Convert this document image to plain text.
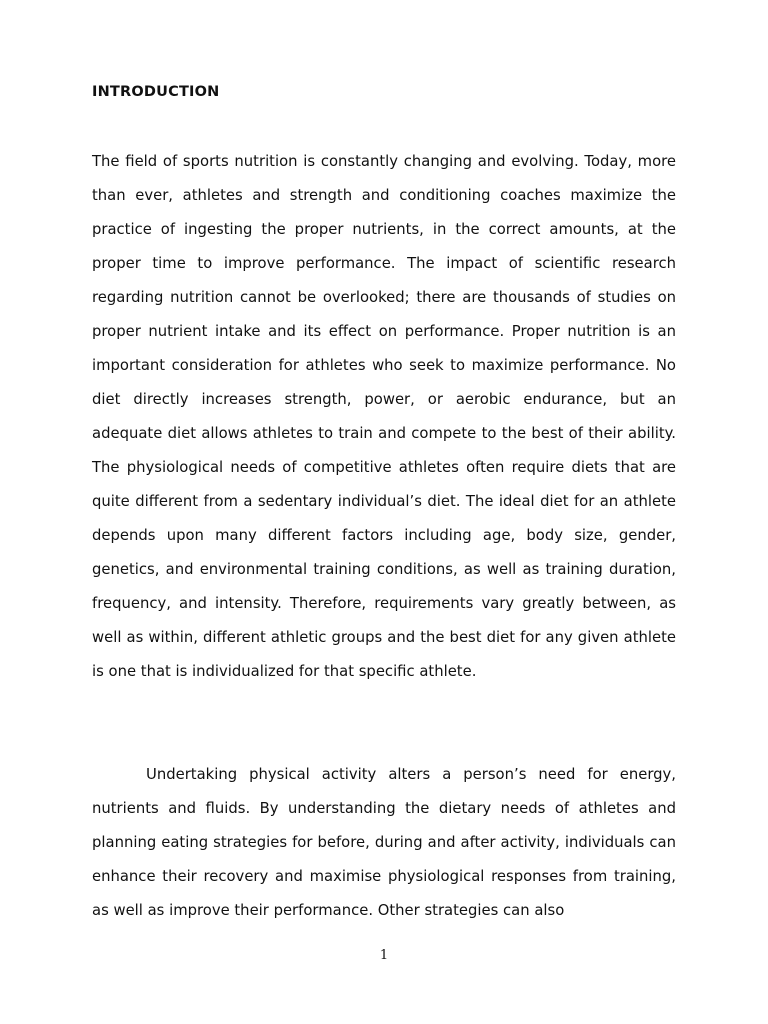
INTRODUCTION

The field of sports nutrition is constantly changing and evolving. Today, more than ever, athletes and strength and conditioning coaches maximize the practice of ingesting the proper nutrients, in the correct amounts, at the proper time to improve performance. The impact of scientific research regarding nutrition cannot be overlooked; there are thousands of studies on proper nutrient intake and its effect on performance. Proper nutrition is an important consideration for athletes who seek to maximize performance. No diet directly increases strength, power, or aerobic endurance, but an adequate diet allows athletes to train and compete to the best of their ability. The physiological needs of competitive athletes often require diets that are quite different from a sedentary individual’s diet. The ideal diet for an athlete depends upon many different factors including age, body size, gender, genetics, and environmental training conditions, as well as training duration, frequency, and intensity. Therefore, requirements vary greatly between, as well as within, different athletic groups and the best diet for any given athlete is one that is individualized for that specific athlete.

Undertaking physical activity alters a person’s need for energy, nutrients and fluids. By understanding the dietary needs of athletes and planning eating strategies for before, during and after activity, individuals can enhance their recovery and maximise physiological responses from training, as well as improve their performance. Other strategies can also

1
